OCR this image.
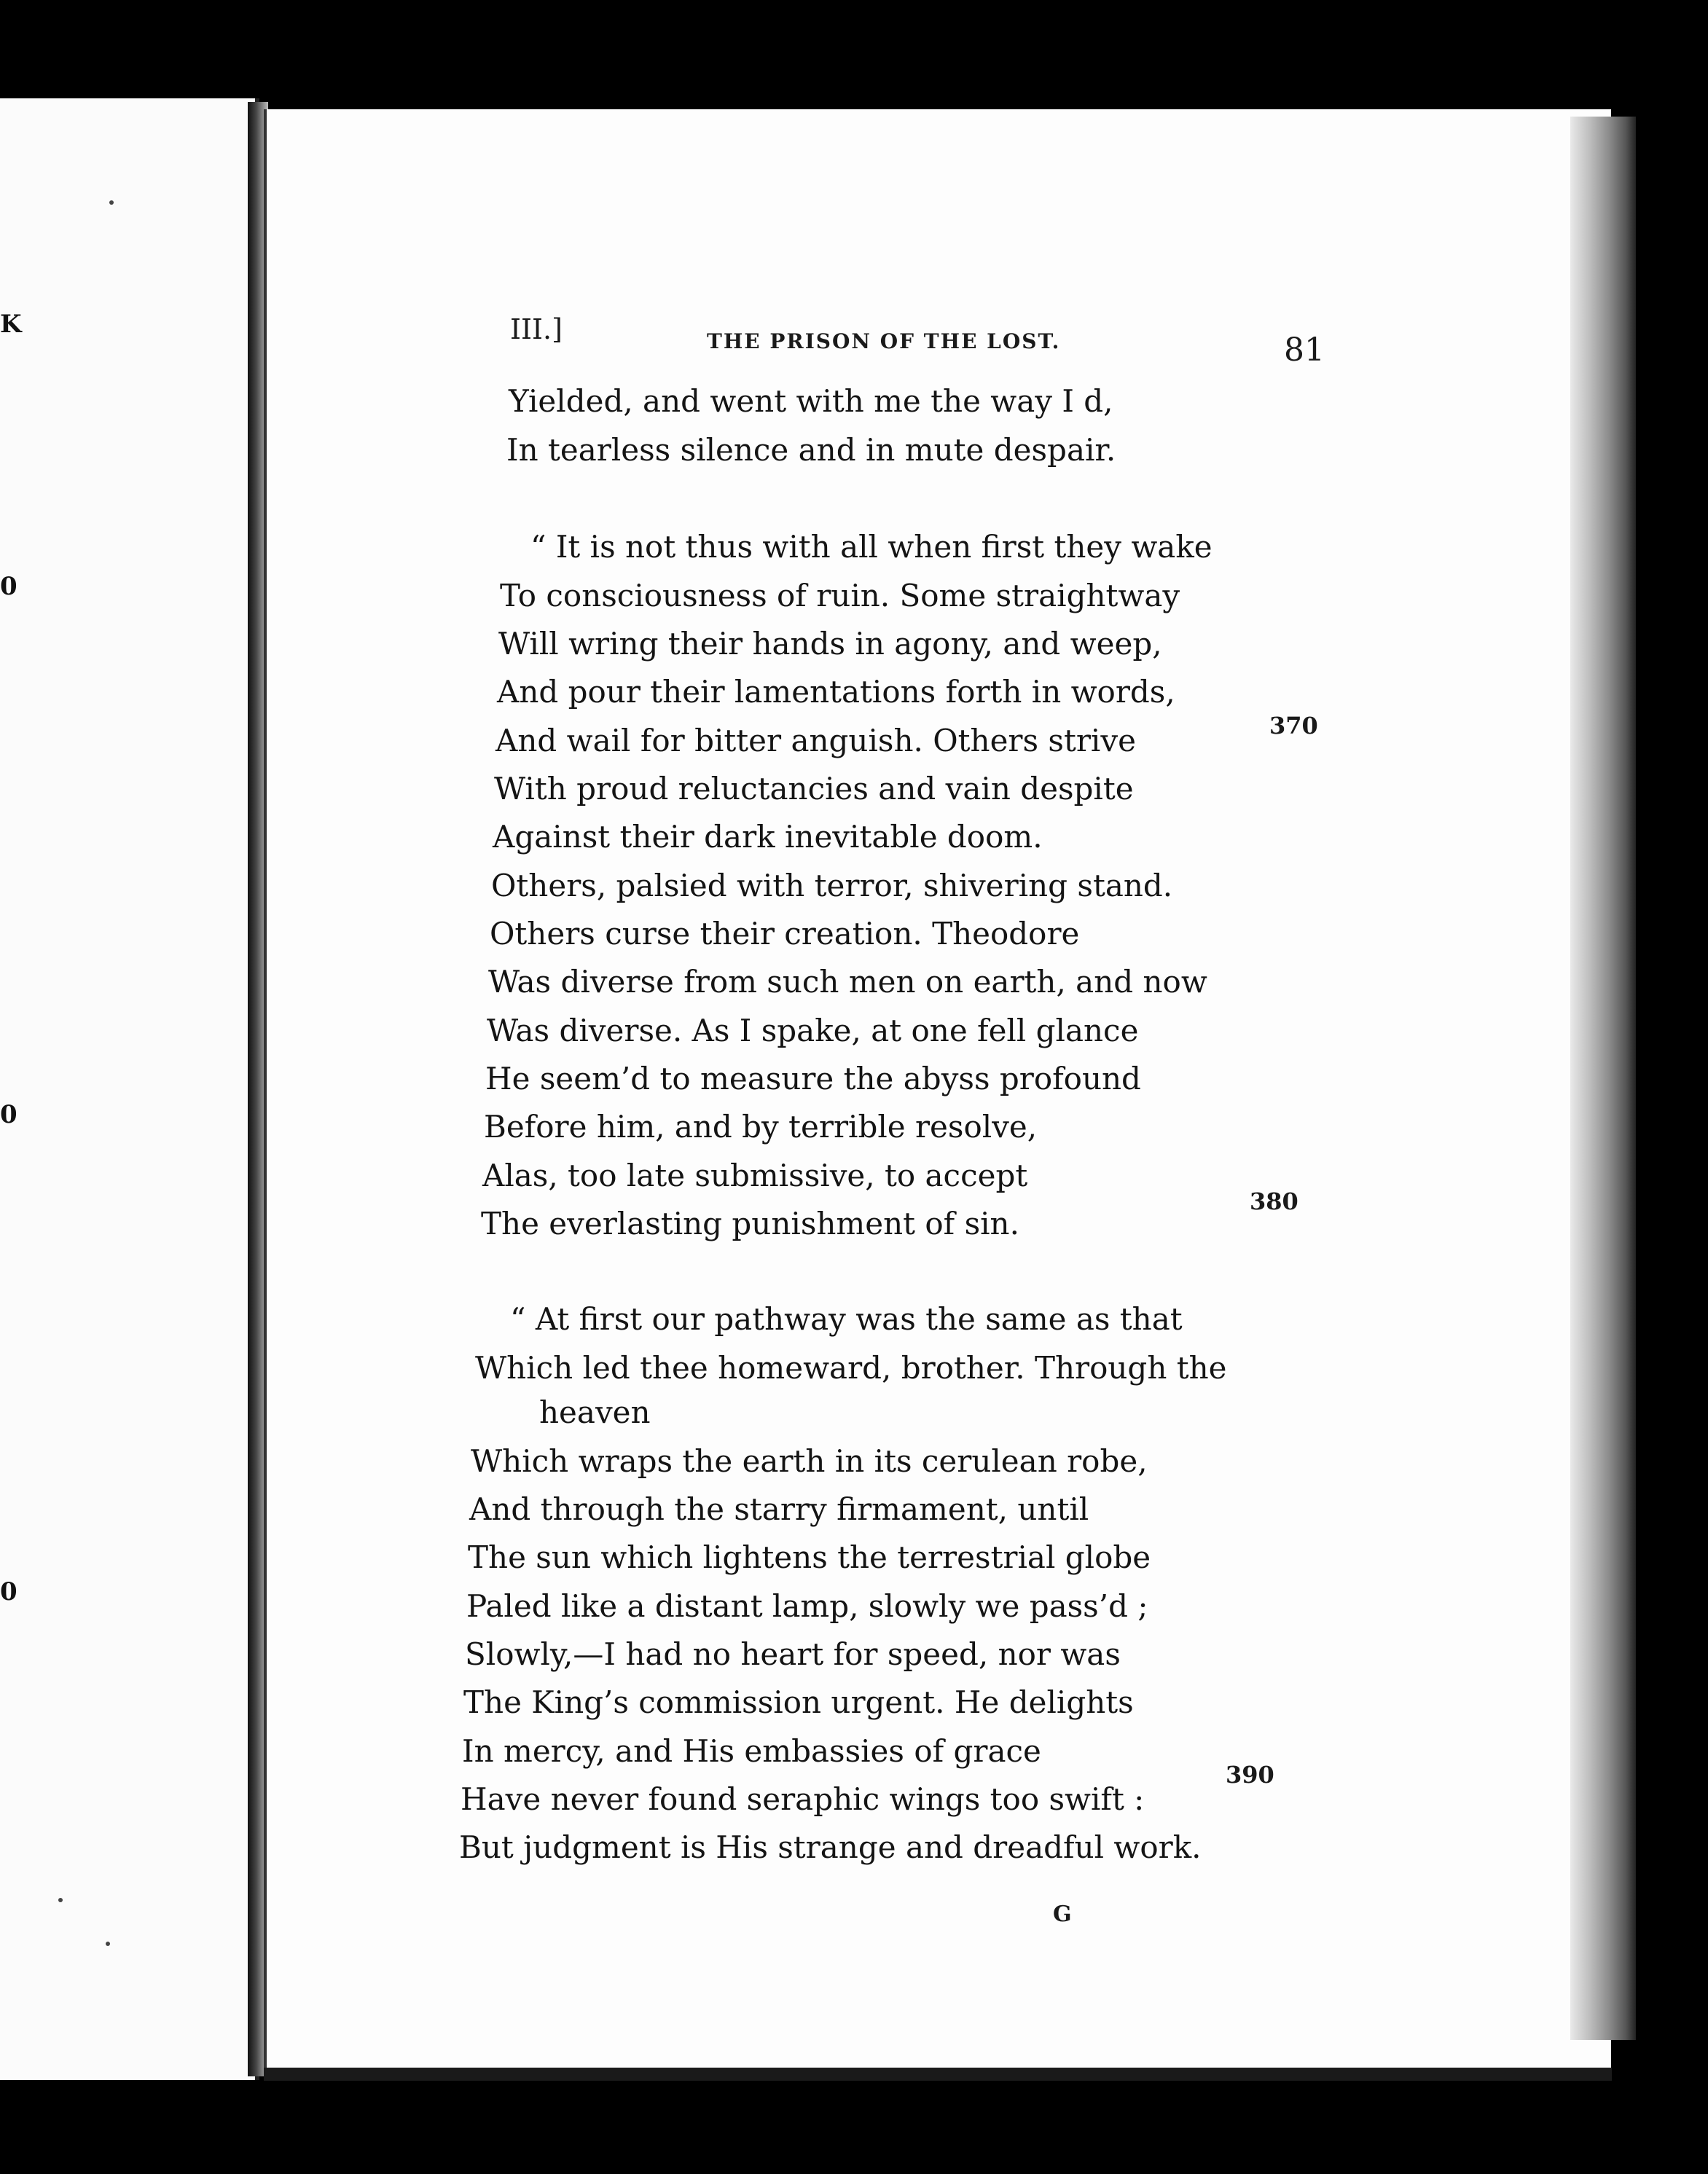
K
0
0
0
III.]	THE PRISON OF THE LOST.	81
Yielded, and went with me the way I d,
In tearless silence and in mute despair.
“ It is not thus with all when first they wake
To consciousness of ruin. Some straightway
Will wring their hands in agony, and weep,
And pour their lamentations forth in words,
And wail for bitter anguish. Others strive
With proud reluctancies and vain despite
Against their dark inevitable doom.
Others, palsied with terror, shivering stand.
Others curse their creation. Theodore
Was diverse from such men on earth, and now
Was diverse. As I spake, at one fell glance
He seem’d to measure the abyss profound
Before him, and by terrible resolve,
Alas, too late submissive, to accept
The everlasting punishment of sin.
“ At first our pathway was the same as that
Which led thee homeward, brother. Through the
heaven
Which wraps the earth in its cerulean robe,
And through the starry firmament, until
The sun which lightens the terrestrial globe
Paled like a distant lamp, slowly we pass’d ;
Slowly,—I had no heart for speed, nor was
The King’s commission urgent. He delights
In mercy, and His embassies of grace
Have never found seraphic wings too swift :
But judgment is His strange and dreadful work.
370
380
390
G
